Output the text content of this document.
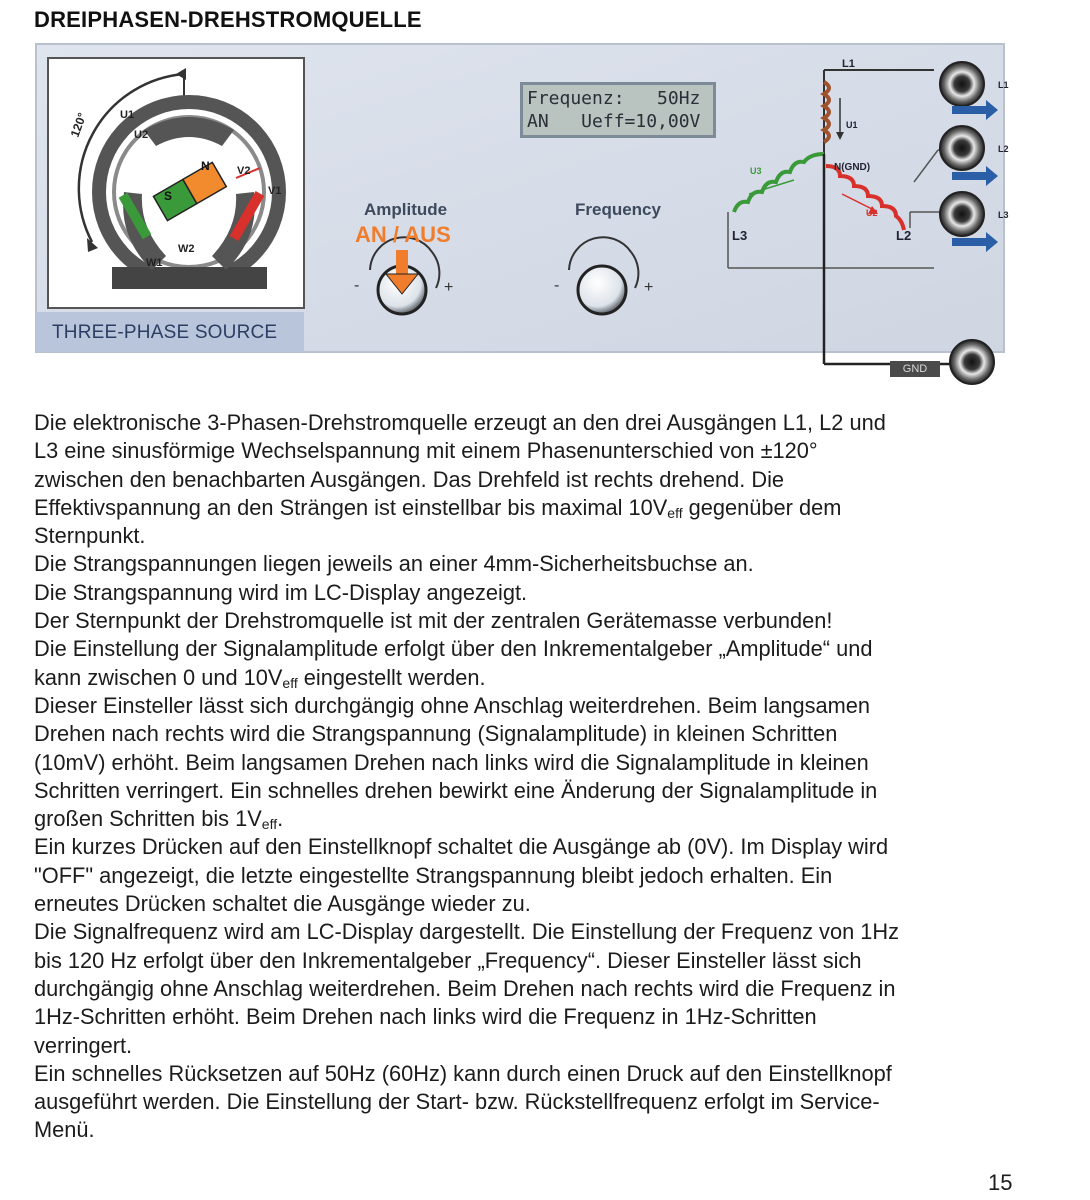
DREIPHASEN-DREHSTROMQUELLE
S
N
120°	U1
U2
V2
V1
W2
W1
-	+	-	+
THREE-PHASE SOURCE
Frequenz:   50Hz
AN   Ueff=10,00V
Amplitude
AN / AUS
Frequency
L1
U1
N(GND)
U3
U2
L3	L2
L1
L2
L3
GND

Die elektronische 3-Phasen-Drehstromquelle erzeugt an den drei Ausgängen L1, L2 und

L3 eine sinusförmige Wechselspannung mit einem Phasenunterschied von ±120°

zwischen den benachbarten Ausgängen. Das Drehfeld ist rechts drehend. Die

Effektivspannung an den Strängen ist einstellbar bis maximal $10V_{eff}$ gegenüber dem

Sternpunkt.

Die Strangspannungen liegen jeweils an einer 4mm-Sicherheitsbuchse an.

Die Strangspannung wird im LC-Display angezeigt.

Der Sternpunkt der Drehstromquelle ist mit der zentralen Gerätemasse verbunden!

Die Einstellung der Signalamplitude erfolgt über den Inkrementalgeber „Amplitude“ und

kann zwischen 0 und $10V_{eff}$ eingestellt werden.

Dieser Einsteller lässt sich durchgängig ohne Anschlag weiterdrehen. Beim langsamen

Drehen nach rechts wird die Strangspannung (Signalamplitude) in kleinen Schritten

(10mV) erhöht. Beim langsamen Drehen nach links wird die Signalamplitude in kleinen

Schritten verringert. Ein schnelles drehen bewirkt eine Änderung der Signalamplitude in

großen Schritten bis $1V_{eff}$.

Ein kurzes Drücken auf den Einstellknopf schaltet die Ausgänge ab (0V). Im Display wird

"OFF" angezeigt, die letzte eingestellte Strangspannung bleibt jedoch erhalten. Ein

erneutes Drücken schaltet die Ausgänge wieder zu.

Die Signalfrequenz wird am LC-Display dargestellt. Die Einstellung der Frequenz von 1Hz

bis 120 Hz erfolgt über den Inkrementalgeber „Frequency“. Dieser Einsteller lässt sich

durchgängig ohne Anschlag weiterdrehen. Beim Drehen nach rechts wird die Frequenz in

1Hz-Schritten erhöht. Beim Drehen nach links wird die Frequenz in 1Hz-Schritten

verringert.

Ein schnelles Rücksetzen auf 50Hz (60Hz) kann durch einen Druck auf den Einstellknopf

ausgeführt werden. Die Einstellung der Start- bzw. Rückstellfrequenz erfolgt im Service-

Menü.

15
